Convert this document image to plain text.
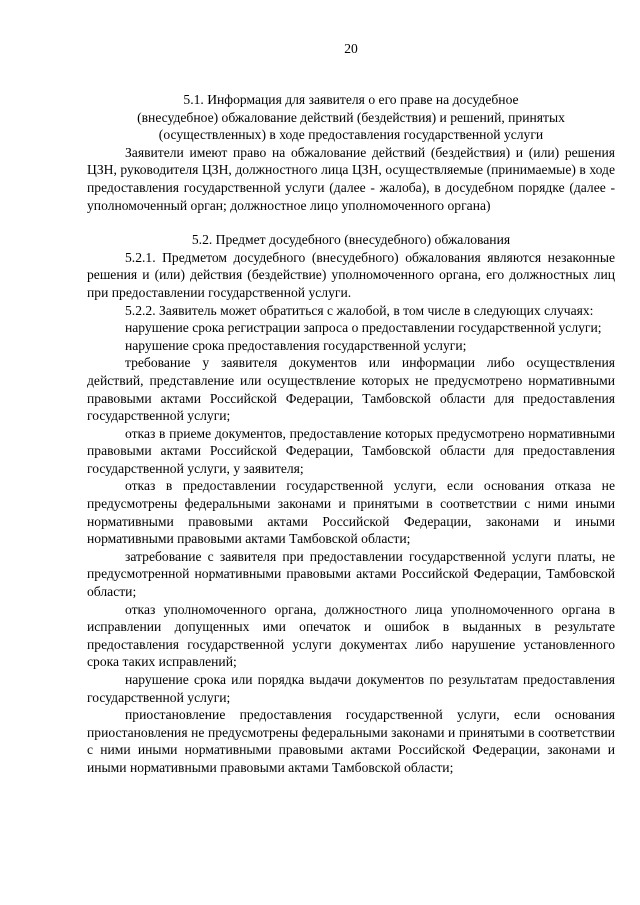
20

5.1. Информация для заявителя о его праве на досудебное

(внесудебное) обжалование действий (бездействия) и решений, принятых

(осуществленных) в ходе предоставления государственной услуги

Заявители имеют право на обжалование действий (бездействия) и (или) решения ЦЗН, руководителя ЦЗН, должностного лица ЦЗН, осуществляемые (принимаемые) в ходе предоставления государственной услуги (далее - жалоба), в досудебном порядке (далее - уполномоченный орган; должностное лицо уполномоченного органа)

5.2. Предмет досудебного (внесудебного) обжалования

5.2.1. Предметом досудебного (внесудебного) обжалования являются незаконные решения и (или) действия (бездействие) уполномоченного органа, его должностных лиц при предоставлении государственной услуги.

5.2.2. Заявитель может обратиться с жалобой, в том числе в следующих случаях:

нарушение срока регистрации запроса о предоставлении государственной услуги;

нарушение срока предоставления государственной услуги;

требование у заявителя документов или информации либо осуществления действий, представление или осуществление которых не предусмотрено нормативными правовыми актами Российской Федерации, Тамбовской области для предоставления государственной услуги;

отказ в приеме документов, предоставление которых предусмотрено нормативными правовыми актами Российской Федерации, Тамбовской области для предоставления государственной услуги, у заявителя;

отказ в предоставлении государственной услуги, если основания отказа не предусмотрены федеральными законами и принятыми в соответствии с ними иными нормативными правовыми актами Российской Федерации, законами и иными нормативными правовыми актами Тамбовской области;

затребование с заявителя при предоставлении государственной услуги платы, не предусмотренной нормативными правовыми актами Российской Федерации, Тамбовской области;

отказ уполномоченного органа, должностного лица уполномоченного органа в исправлении допущенных ими опечаток и ошибок в выданных в результате предоставления государственной услуги документах либо нарушение установленного срока таких исправлений;

нарушение срока или порядка выдачи документов по результатам предоставления государственной услуги;

приостановление предоставления государственной услуги, если основания приостановления не предусмотрены федеральными законами и принятыми в соответствии с ними иными нормативными правовыми актами Российской Федерации, законами и иными нормативными правовыми актами Тамбовской области;
